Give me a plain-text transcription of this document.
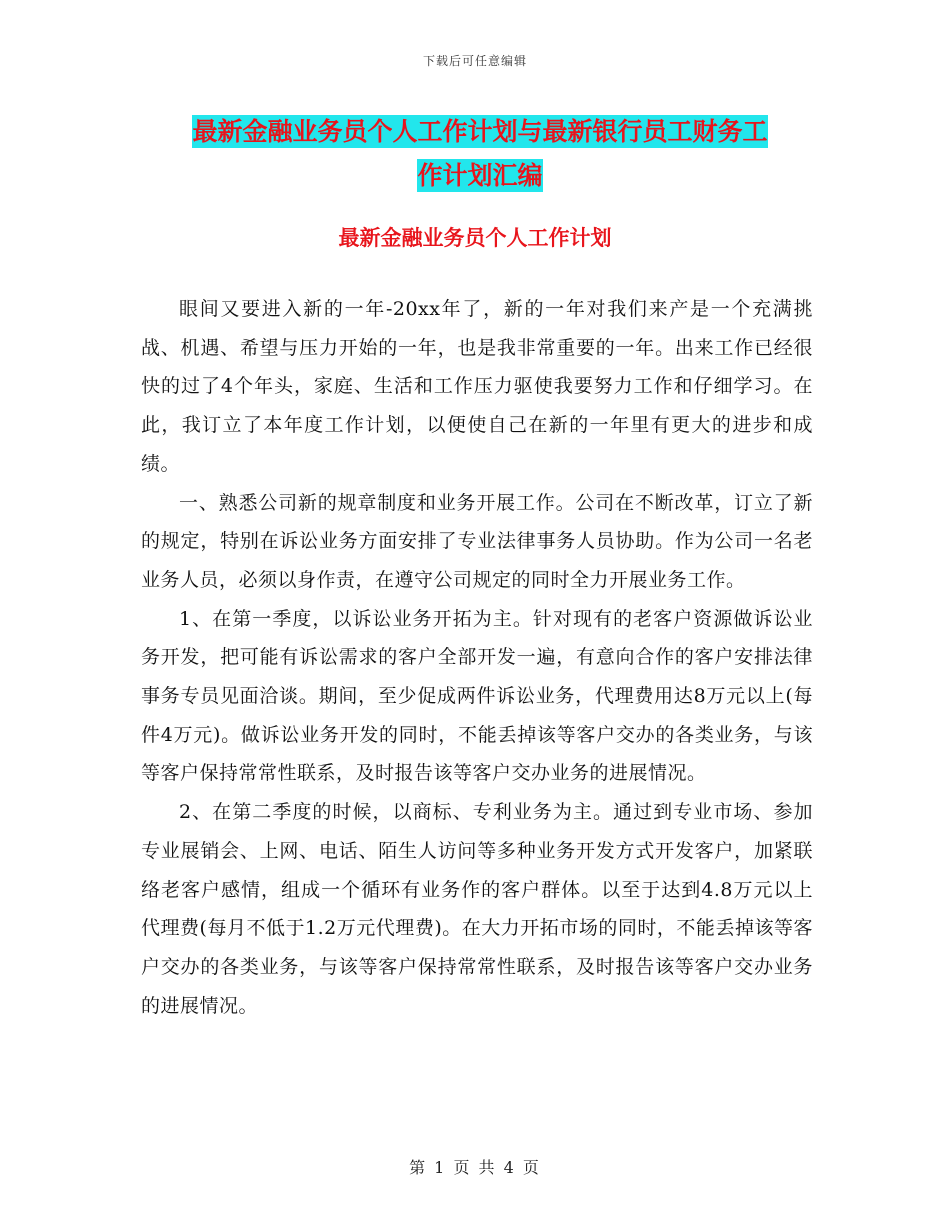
下载后可任意编辑
最新金融业务员个人工作计划与最新银行员工财务工
作计划汇编
最新金融业务员个人工作计划

眼间又要进入新的一年-20xx年了，新的一年对我们来产是一个充满挑战、机遇、希望与压力开始的一年，也是我非常重要的一年。出来工作已经很快的过了4个年头，家庭、生活和工作压力驱使我要努力工作和仔细学习。在此，我订立了本年度工作计划，以便使自己在新的一年里有更大的进步和成绩。

一、熟悉公司新的规章制度和业务开展工作。公司在不断改革，订立了新的规定，特别在诉讼业务方面安排了专业法律事务人员协助。作为公司一名老业务人员，必须以身作责，在遵守公司规定的同时全力开展业务工作。

1、在第一季度，以诉讼业务开拓为主。针对现有的老客户资源做诉讼业务开发，把可能有诉讼需求的客户全部开发一遍，有意向合作的客户安排法律事务专员见面洽谈。期间，至少促成两件诉讼业务，代理费用达8万元以上(每件4万元)。做诉讼业务开发的同时，不能丢掉该等客户交办的各类业务，与该等客户保持常常性联系，及时报告该等客户交办业务的进展情况。

2、在第二季度的时候，以商标、专利业务为主。通过到专业市场、参加专业展销会、上网、电话、陌生人访问等多种业务开发方式开发客户，加紧联络老客户感情，组成一个循环有业务作的客户群体。以至于达到4.8万元以上代理费(每月不低于1.2万元代理费)。在大力开拓市场的同时，不能丢掉该等客户交办的各类业务，与该等客户保持常常性联系，及时报告该等客户交办业务的进展情况。

第 1 页 共 4 页
